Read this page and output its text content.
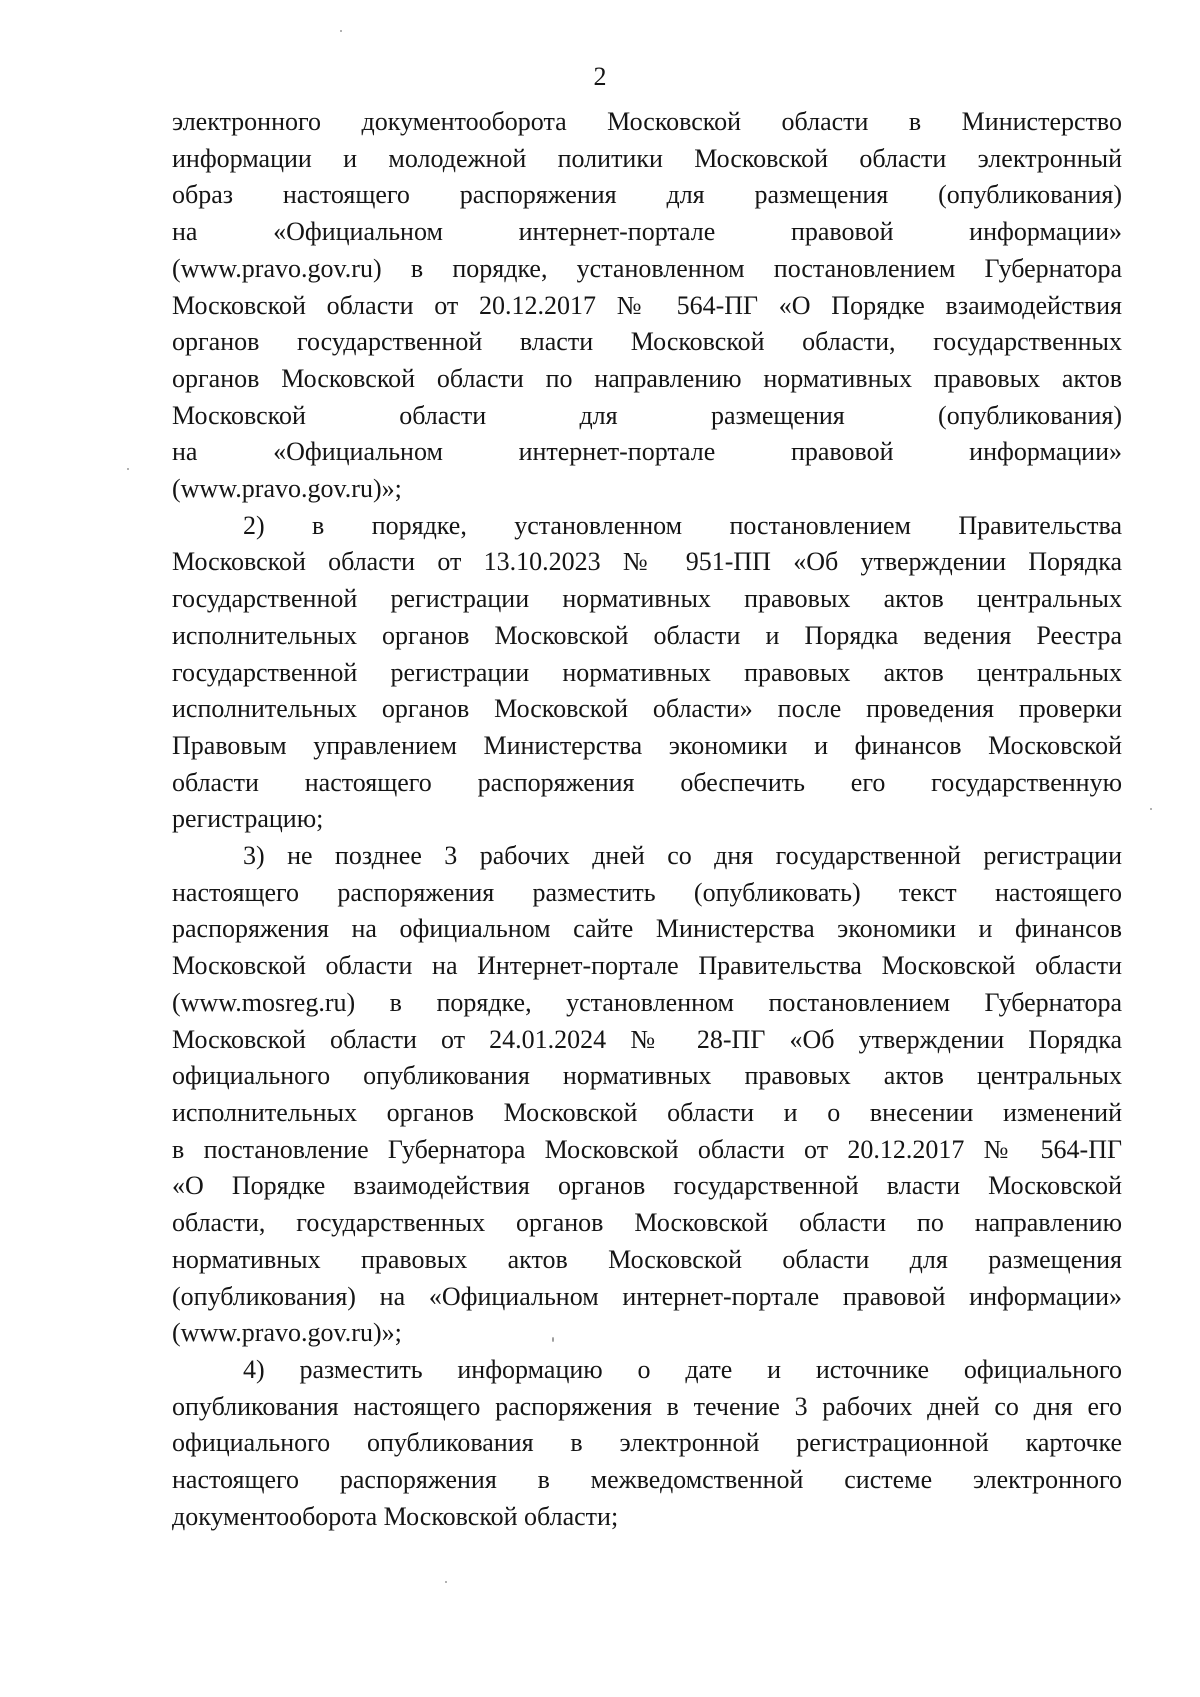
2

электронного документооборота Московской области в Министерство
информации и молодежной политики Московской области электронный
образ настоящего распоряжения для размещения (опубликования)
на «Официальном интернет-портале правовой информации»
(www.pravo.gov.ru) в порядке, установленном постановлением Губернатора
Московской области от 20.12.2017 № 564-ПГ «О Порядке взаимодействия
органов государственной власти Московской области, государственных
органов Московской области по направлению нормативных правовых актов
Московской области для размещения (опубликования)
на «Официальном интернет-портале правовой информации»
(www.pravo.gov.ru)»;

2) в порядке, установленном постановлением Правительства
Московской области от 13.10.2023 № 951-ПП «Об утверждении Порядка
государственной регистрации нормативных правовых актов центральных
исполнительных органов Московской области и Порядка ведения Реестра
государственной регистрации нормативных правовых актов центральных
исполнительных органов Московской области» после проведения проверки
Правовым управлением Министерства экономики и финансов Московской
области настоящего распоряжения обеспечить его государственную
регистрацию;

3) не позднее 3 рабочих дней со дня государственной регистрации
настоящего распоряжения разместить (опубликовать) текст настоящего
распоряжения на официальном сайте Министерства экономики и финансов
Московской области на Интернет-портале Правительства Московской области
(www.mosreg.ru) в порядке, установленном постановлением Губернатора
Московской области от 24.01.2024 № 28-ПГ «Об утверждении Порядка
официального опубликования нормативных правовых актов центральных
исполнительных органов Московской области и о внесении изменений
в постановление Губернатора Московской области от 20.12.2017 № 564-ПГ
«О Порядке взаимодействия органов государственной власти Московской
области, государственных органов Московской области по направлению
нормативных правовых актов Московской области для размещения
(опубликования) на «Официальном интернет-портале правовой информации»
(www.pravo.gov.ru)»;

4) разместить информацию о дате и источнике официального
опубликования настоящего распоряжения в течение 3 рабочих дней со дня его
официального опубликования в электронной регистрационной карточке
настоящего распоряжения в межведомственной системе электронного
документооборота Московской области;
